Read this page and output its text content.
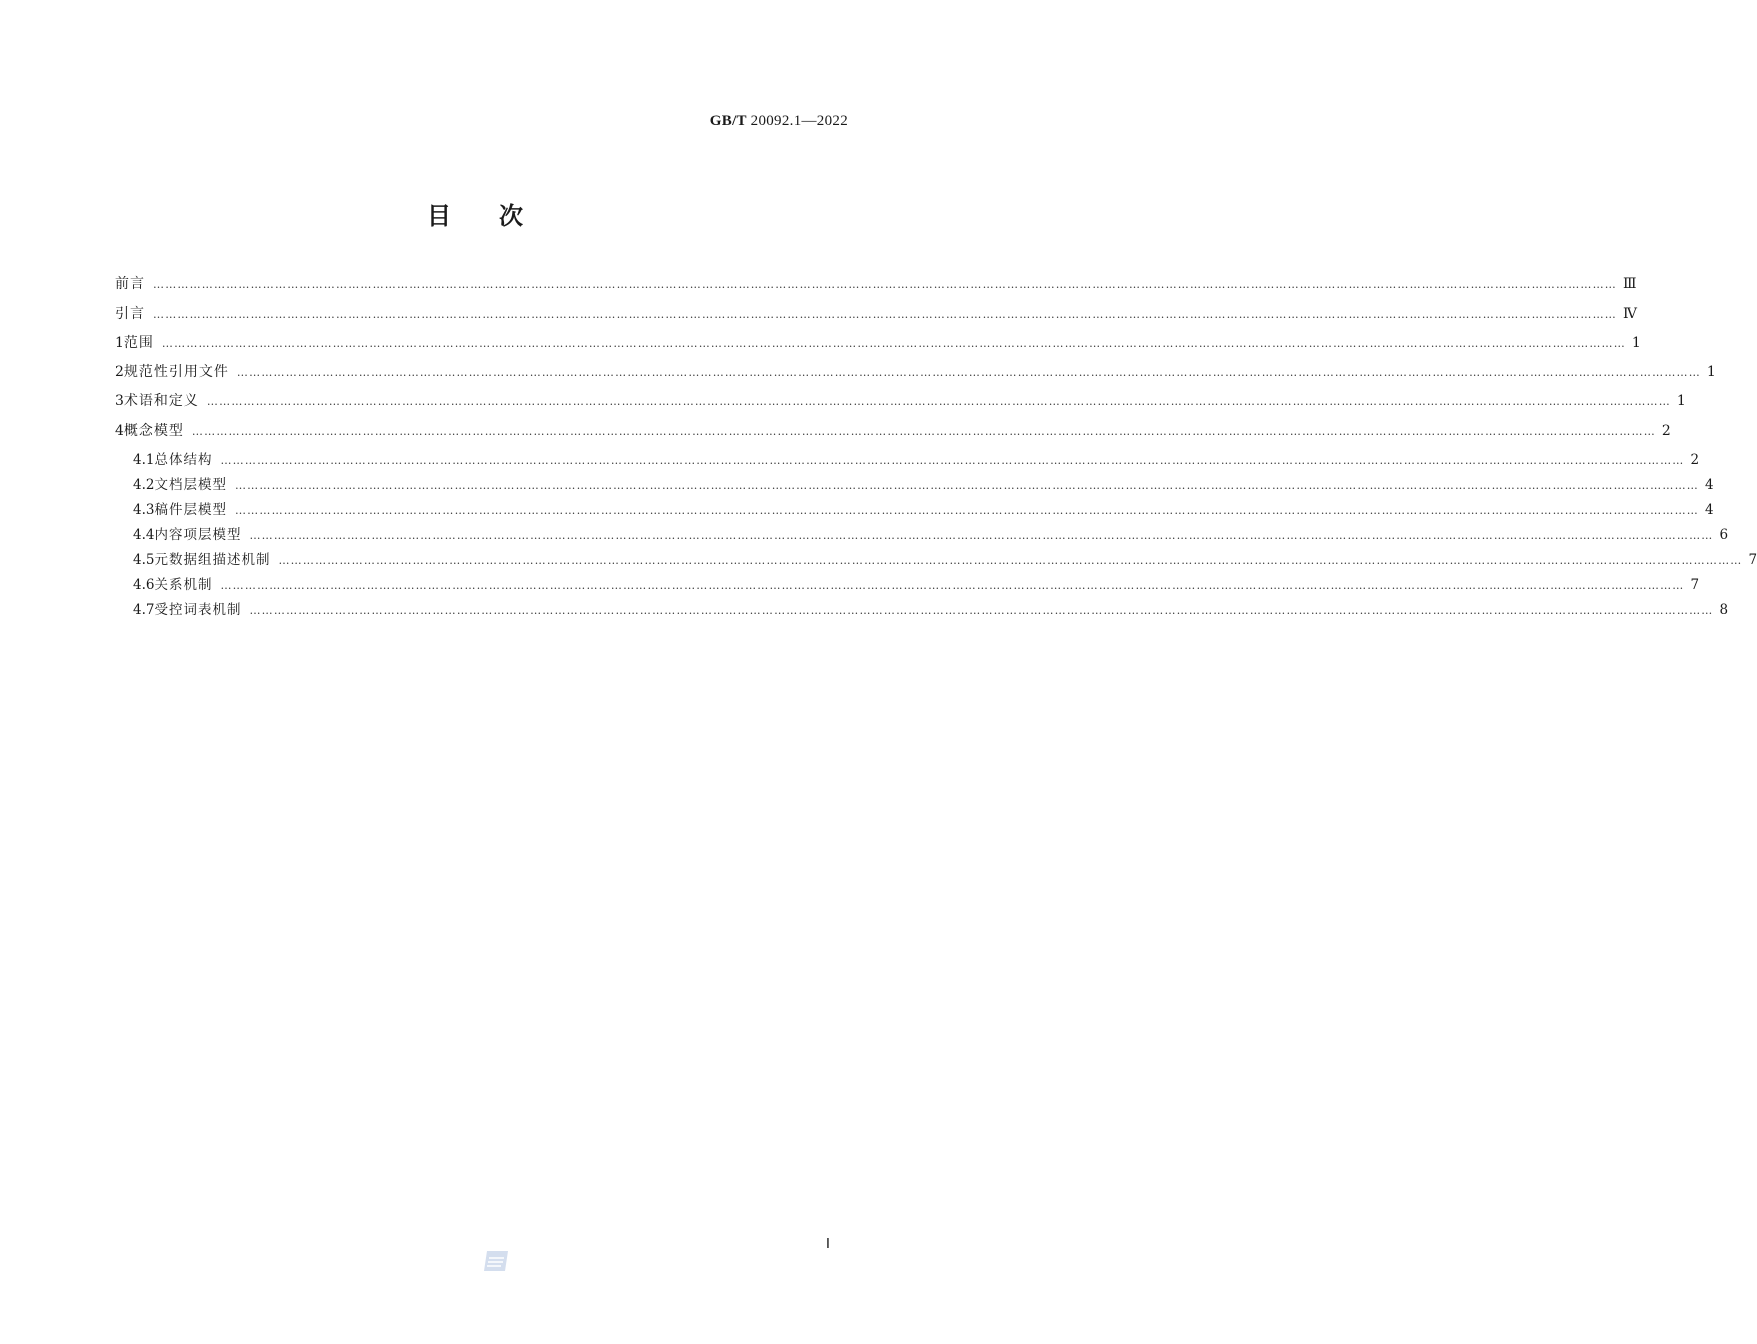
GB/T 20092.1—2022
目次
前言 ……………………………………………………………………………………………………………………………………………………………………………………………………………………………………………………………………………………………………………………………… Ⅲ
引言 ……………………………………………………………………………………………………………………………………………………………………………………………………………………………………………………………………………………………………………………………… Ⅳ
1 范围 ……………………………………………………………………………………………………………………………………………………………………………………………………………………………………………………………………………………………………………………………… 1
2 规范性引用文件 ……………………………………………………………………………………………………………………………………………………………………………………………………………………………………………………………………………………………………………………………… 1
3 术语和定义 ……………………………………………………………………………………………………………………………………………………………………………………………………………………………………………………………………………………………………………………………… 1
4 概念模型 ……………………………………………………………………………………………………………………………………………………………………………………………………………………………………………………………………………………………………………………………… 2
4.1 总体结构 ……………………………………………………………………………………………………………………………………………………………………………………………………………………………………………………………………………………………………………………………… 2
4.2 文档层模型 ……………………………………………………………………………………………………………………………………………………………………………………………………………………………………………………………………………………………………………………………… 4
4.3 稿件层模型 ……………………………………………………………………………………………………………………………………………………………………………………………………………………………………………………………………………………………………………………………… 4
4.4 内容项层模型 ……………………………………………………………………………………………………………………………………………………………………………………………………………………………………………………………………………………………………………………………… 6
4.5 元数据组描述机制 ……………………………………………………………………………………………………………………………………………………………………………………………………………………………………………………………………………………………………………………………… 7
4.6 关系机制 ……………………………………………………………………………………………………………………………………………………………………………………………………………………………………………………………………………………………………………………………… 7
4.7 受控词表机制 ……………………………………………………………………………………………………………………………………………………………………………………………………………………………………………………………………………………………………………………………… 8
Ⅰ
